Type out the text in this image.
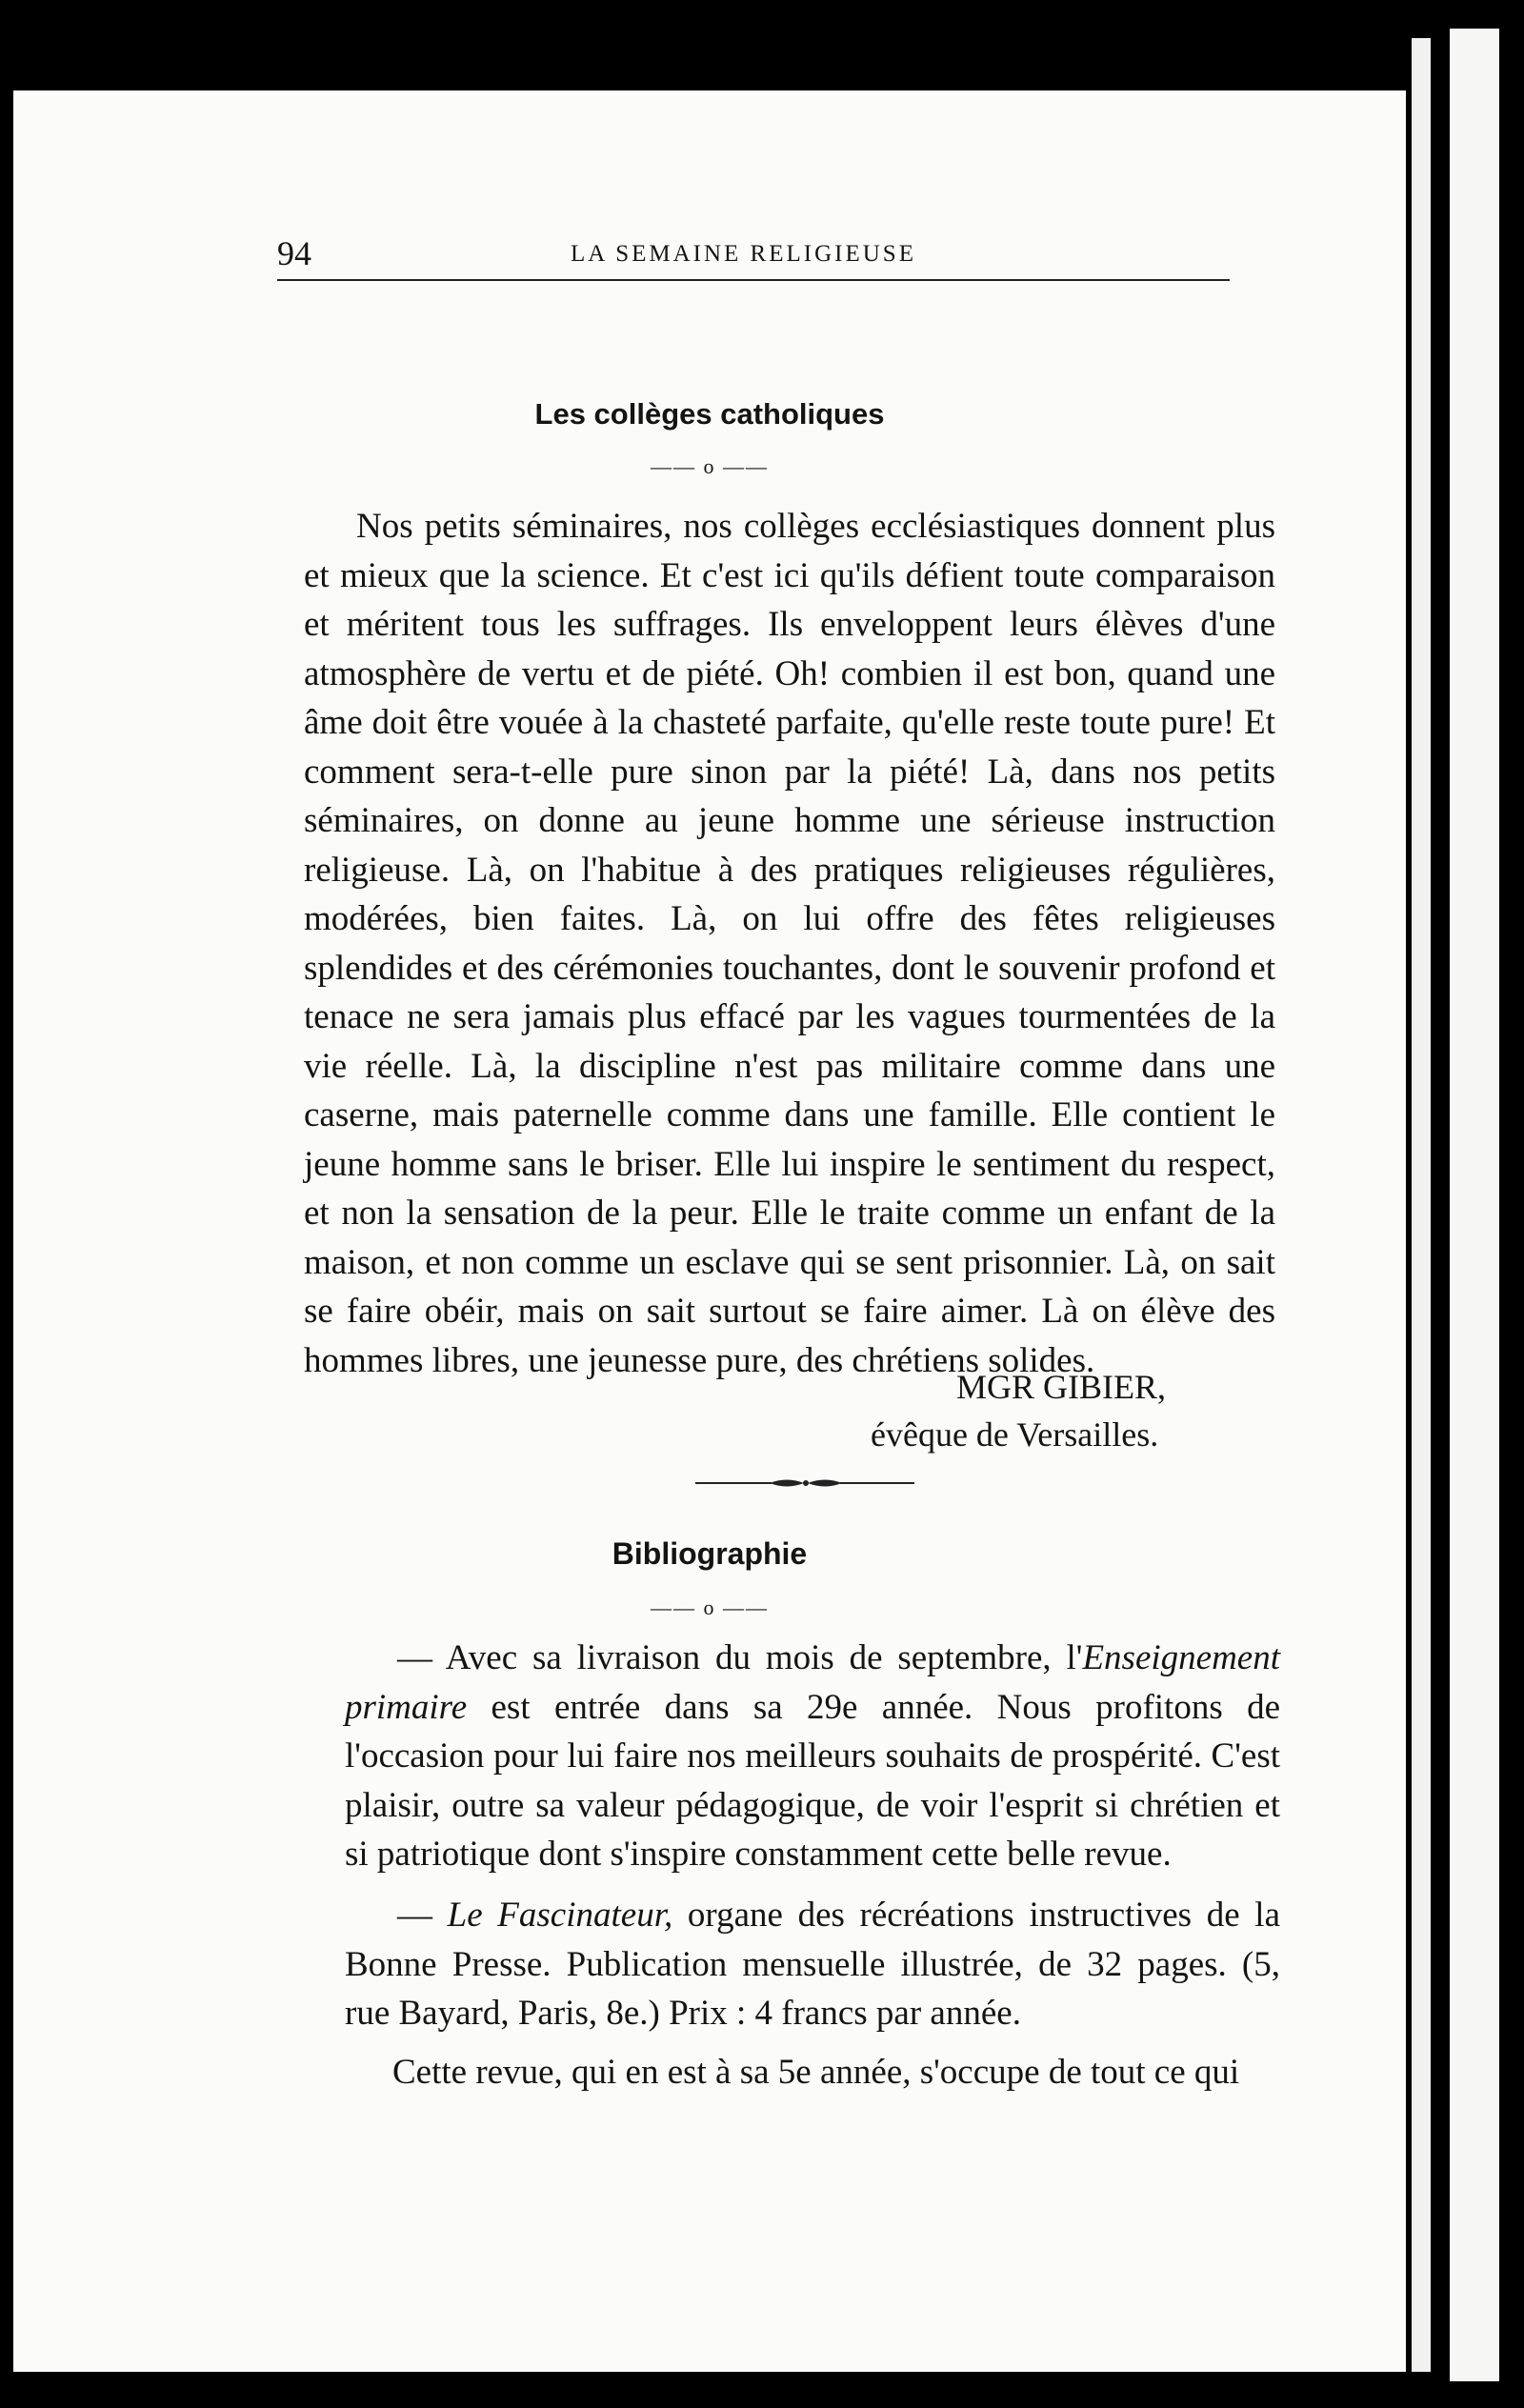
94	LA SEMAINE RELIGIEUSE
Les collèges catholiques
—— o ——
Nos petits séminaires, nos collèges ecclésiastiques donnent plus et mieux que la science. Et c'est ici qu'ils défient toute comparaison et méritent tous les suffrages. Ils enveloppent leurs élèves d'une atmosphère de vertu et de piété. Oh! combien il est bon, quand une âme doit être vouée à la chasteté parfaite, qu'elle reste toute pure! Et comment sera-t-elle pure sinon par la piété! Là, dans nos petits séminaires, on donne au jeune homme une sérieuse instruction religieuse. Là, on l'habitue à des pratiques religieuses régulières, modérées, bien faites. Là, on lui offre des fêtes religieuses splendides et des cérémonies touchantes, dont le souvenir profond et tenace ne sera jamais plus effacé par les vagues tourmentées de la vie réelle. Là, la discipline n'est pas militaire comme dans une caserne, mais paternelle comme dans une famille. Elle contient le jeune homme sans le briser. Elle lui inspire le sentiment du respect, et non la sensation de la peur. Elle le traite comme un enfant de la maison, et non comme un esclave qui se sent prisonnier. Là, on sait se faire obéir, mais on sait surtout se faire aimer. Là on élève des hommes libres, une jeunesse pure, des chrétiens solides.
MGR GIBIER,
évêque de Versailles.
Bibliographie
—— o ——
— Avec sa livraison du mois de septembre, l'Enseignement primaire est entrée dans sa 29e année. Nous profitons de l'occasion pour lui faire nos meilleurs souhaits de prospérité. C'est plaisir, outre sa valeur pédagogique, de voir l'esprit si chrétien et si patriotique dont s'inspire constamment cette belle revue.
— Le Fascinateur, organe des récréations instructives de la Bonne Presse. Publication mensuelle illustrée, de 32 pages. (5, rue Bayard, Paris, 8e.) Prix : 4 francs par année.
Cette revue, qui en est à sa 5e année, s'occupe de tout ce qui
